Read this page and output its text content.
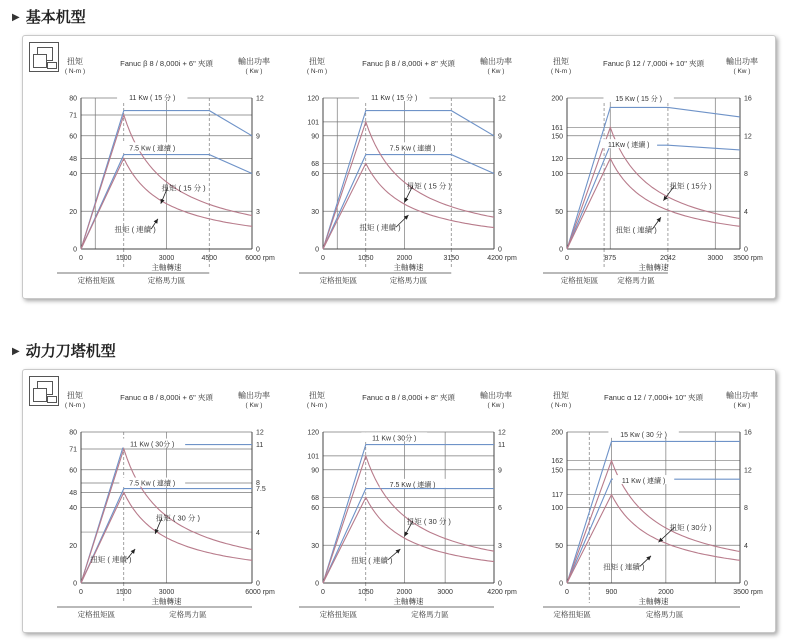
▶ 基本机型
扭矩
( N-m )
輸出功率
( Kw )
Fanuc β 8 / 8,000i + 6" 夾頭
0
20
40
48
60
71
80
0
3
6
9
12
0	1500	3000	4500	6000 rpm
主軸轉速
定格扭矩區	定格馬力區
11 Kw ( 15 分 )
7.5 Kw ( 連續 )
扭矩 ( 15 分 )
扭矩 ( 連續 )
扭矩
( N-m )
輸出功率
( Kw )
Fanuc β 8 / 8,000i + 8" 夾頭
0
30
60
68
90
101
120
0
3
6
9
12
0	1050	2000	3150	4200 rpm
主軸轉速
定格扭矩區	定格馬力區
11 Kw ( 15 分 )
7.5 Kw ( 連續 )
扭矩 ( 15 分 )
扭矩 ( 連續 )
扭矩
( N-m )
輸出功率
( Kw )
Fanuc β 12 / 7,000i + 10" 夾頭
0
50
100
120
150
161
200
0
4
8
12
16
0	875	2042	3000 3500 rpm
主軸轉速
定格扭矩區	定格馬力區
15 Kw ( 15 分 )
11Kw ( 連續 )
扭矩 ( 15分 )
扭矩 ( 連續 )
▶ 动力刀塔机型
扭矩
( N-m )
輸出功率
( Kw )
Fanuc α 8 / 8,000i + 6" 夾頭
0
20
40
48
60
71
80
0
4
7.5
8
11
12
0	1500	3000	6000 rpm
主軸轉速
定格扭矩區	定格馬力區
11 Kw ( 30分 )
7.5 Kw ( 連續 )
扭矩 ( 30 分 )
扭矩 ( 連續 )
扭矩
( N-m )
輸出功率
( Kw )
Fanuc α 8 / 8,000i + 8" 夾頭
0
30
60
68
90
101
120
0
3
6
9
11
12
0	1050	2000	3000	4200 rpm
主軸轉速
定格扭矩區	定格馬力區
11 Kw ( 30分 )
7.5 Kw ( 連續 )
扭矩 ( 30 分 )
扭矩 ( 連續 )
扭矩
( N-m )
輸出功率
( Kw )
Fanuc α 12 / 7,000i+ 10" 夾頭
0
50
100
117
150
162
200
0
4
8
12
16
0	900	2000	3500 rpm
主軸轉速
定格扭矩區	定格馬力區
15 Kw ( 30 分 )
11 Kw ( 連續 )
扭矩 ( 30分 )
扭矩 ( 連續 )
